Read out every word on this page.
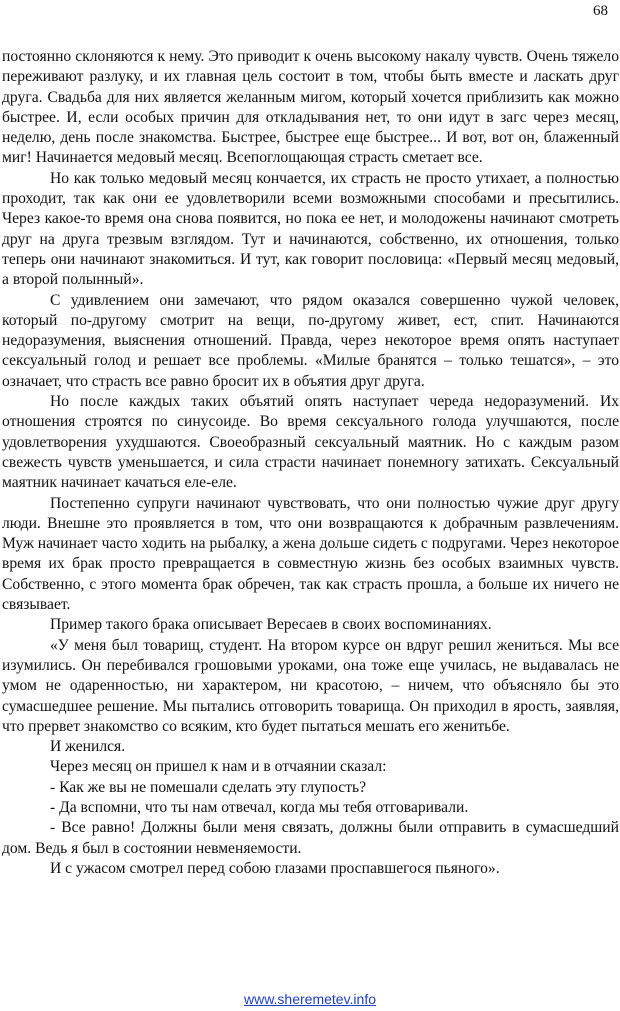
68

постоянно склоняются к нему. Это приводит к очень высокому накалу чувств. Очень тяжело переживают разлуку, и их главная цель состоит в том, чтобы быть вместе и ласкать друг друга. Свадьба для них является желанным мигом, который хочется приблизить как можно быстрее. И, если особых причин для откладывания нет, то они идут в загс через месяц, неделю, день после знакомства. Быстрее, быстрее еще быстрее... И вот, вот он, блаженный миг! Начинается медовый месяц. Всепоглощающая страсть сметает все.

Но как только медовый месяц кончается, их страсть не просто утихает, а полностью проходит, так как они ее удовлетворили всеми возможными способами и пресытились. Через какое-то время она снова появится, но пока ее нет, и молодожены начинают смотреть друг на друга трезвым взглядом. Тут и начинаются, собственно, их отношения, только теперь они начинают знакомиться. И тут, как говорит пословица: «Первый месяц медовый, а второй полынный».

С удивлением они замечают, что рядом оказался совершенно чужой человек, который по-другому смотрит на вещи, по-другому живет, ест, спит. Начинаются недоразумения, выяснения отношений. Правда, через некоторое время опять наступает сексуальный голод и решает все проблемы. «Милые бранятся – только тешатся», – это означает, что страсть все равно бросит их в объятия друг друга.

Но после каждых таких объятий опять наступает череда недоразумений. Их отношения строятся по синусоиде. Во время сексуального голода улучшаются, после удовлетворения ухудшаются. Своеобразный сексуальный маятник. Но с каждым разом свежесть чувств уменьшается, и сила страсти начинает понемногу затихать. Сексуальный маятник начинает качаться еле-еле.

Постепенно супруги начинают чувствовать, что они полностью чужие друг другу люди. Внешне это проявляется в том, что они возвращаются к добрачным развлечениям. Муж начинает часто ходить на рыбалку, а жена дольше сидеть с подругами. Через некоторое время их брак просто превращается в совместную жизнь без особых взаимных чувств. Собственно, с этого момента брак обречен, так как страсть прошла, а больше их ничего не связывает.

Пример такого брака описывает Вересаев в своих воспоминаниях.

«У меня был товарищ, студент. На втором курсе он вдруг решил жениться. Мы все изумились. Он перебивался грошовыми уроками, она тоже еще училась, не выдавалась не умом не одаренностью, ни характером, ни красотою, – ничем, что объясняло бы это сумасшедшее решение. Мы пытались отговорить товарища. Он приходил в ярость, заявляя, что прервет знакомство со всяким, кто будет пытаться мешать его женитьбе.

И женился.

Через месяц он пришел к нам и в отчаянии сказал:

- Как же вы не помешали сделать эту глупость?

- Да вспомни, что ты нам отвечал, когда мы тебя отговаривали.

- Все равно! Должны были меня связать, должны были отправить в сумасшедший дом. Ведь я был в состоянии невменяемости.

И с ужасом смотрел перед собою глазами проспавшегося пьяного».

www.sheremetev.info
